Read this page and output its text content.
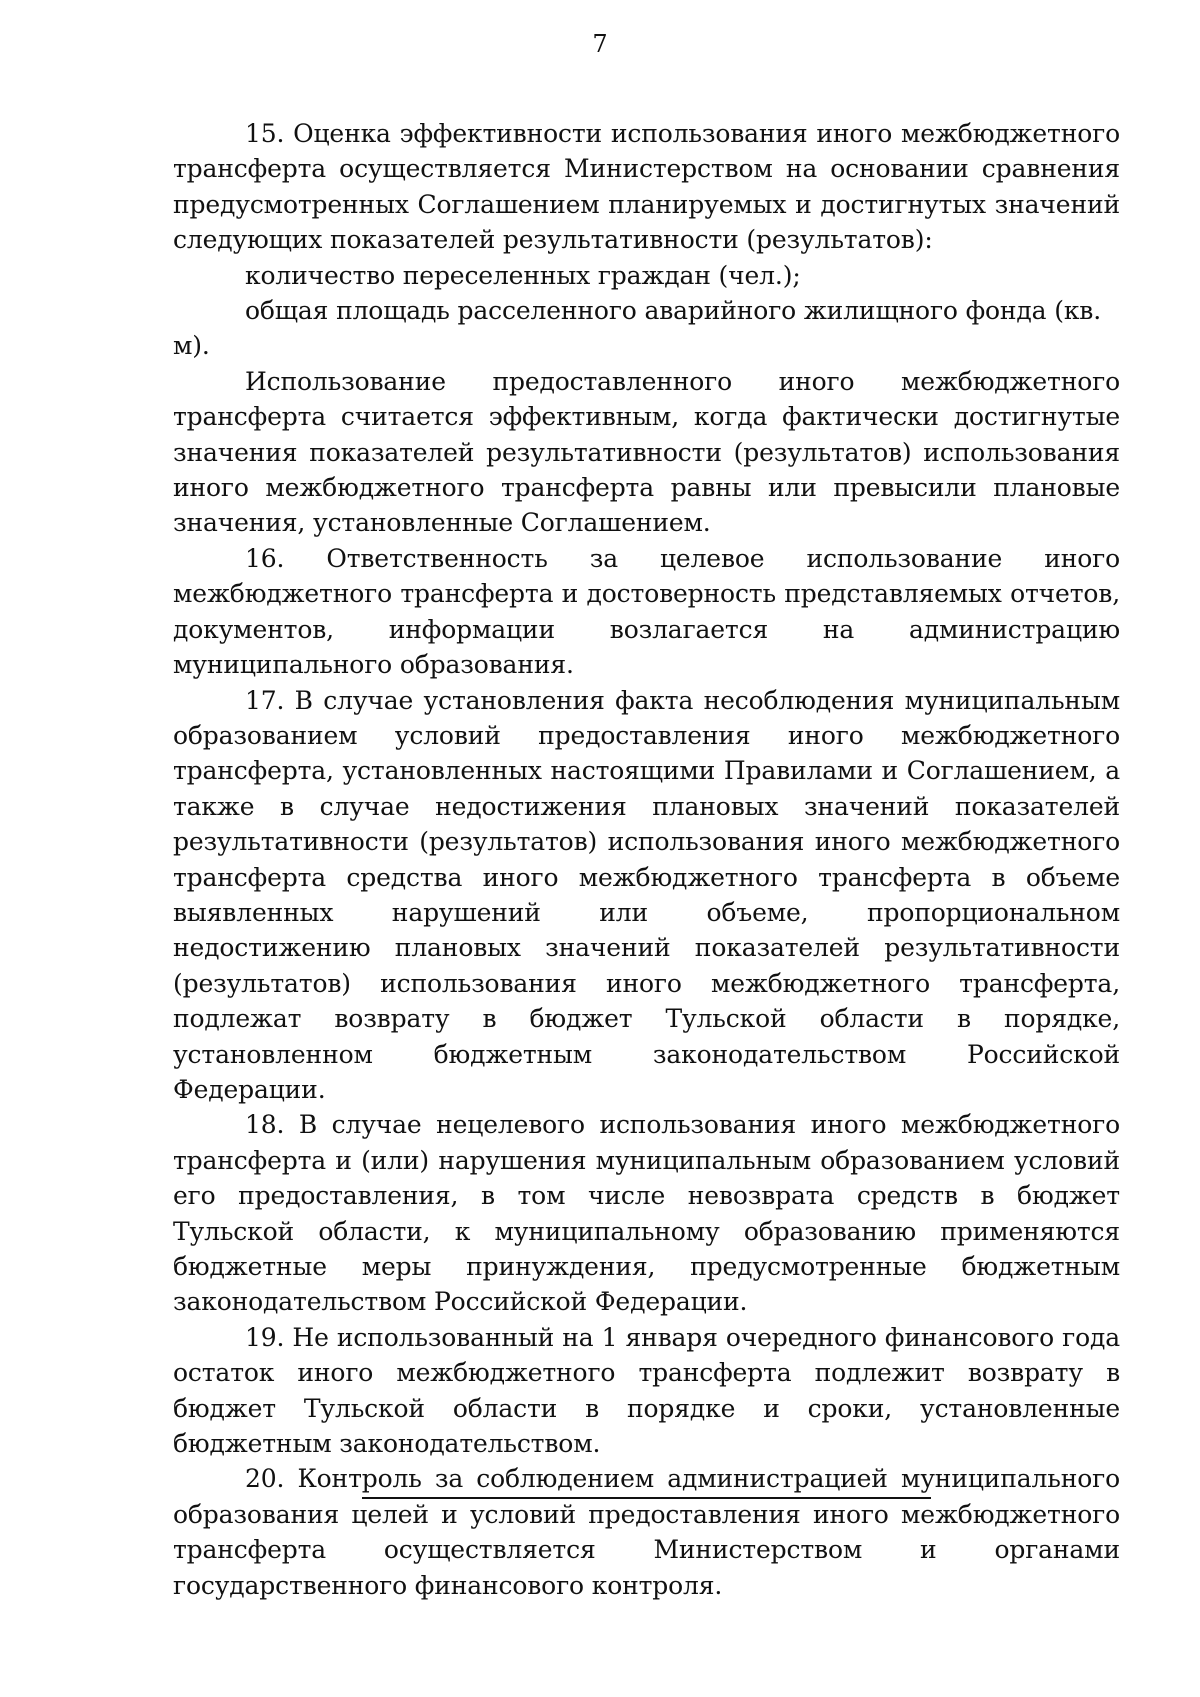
7

15. Оценка эффективности использования иного межбюджетного трансферта осуществляется Министерством на основании сравнения предусмотренных Соглашением планируемых и достигнутых значений следующих показателей результативности (результатов):

количество переселенных граждан (чел.);

общая площадь расселенного аварийного жилищного фонда (кв. м).

Использование предоставленного иного межбюджетного трансферта считается эффективным, когда фактически достигнутые значения показателей результативности (результатов) использования иного межбюджетного трансферта равны или превысили плановые значения, установленные Соглашением.

16. Ответственность за целевое использование иного межбюджетного трансферта и достоверность представляемых отчетов, документов, информации возлагается на администрацию муниципального образования.

17. В случае установления факта несоблюдения муниципальным образованием условий предоставления иного межбюджетного трансферта, установленных настоящими Правилами и Соглашением, а также в случае недостижения плановых значений показателей результативности (результатов) использования иного межбюджетного трансферта средства иного межбюджетного трансферта в объеме выявленных нарушений или объеме, пропорциональном недостижению плановых значений показателей результативности (результатов) использования иного межбюджетного трансферта, подлежат возврату в бюджет Тульской области в порядке, установленном бюджетным законодательством Российской Федерации.

18. В случае нецелевого использования иного межбюджетного трансферта и (или) нарушения муниципальным образованием условий его предоставления, в том числе невозврата средств в бюджет Тульской области, к муниципальному образованию применяются бюджетные меры принуждения, предусмотренные бюджетным законодательством Российской Федерации.

19. Не использованный на 1 января очередного финансового года остаток иного межбюджетного трансферта подлежит возврату в бюджет Тульской области в порядке и сроки, установленные бюджетным законодательством.

20. Контроль за соблюдением администрацией муниципального образования целей и условий предоставления иного межбюджетного трансферта осуществляется Министерством и органами государственного финансового контроля.
